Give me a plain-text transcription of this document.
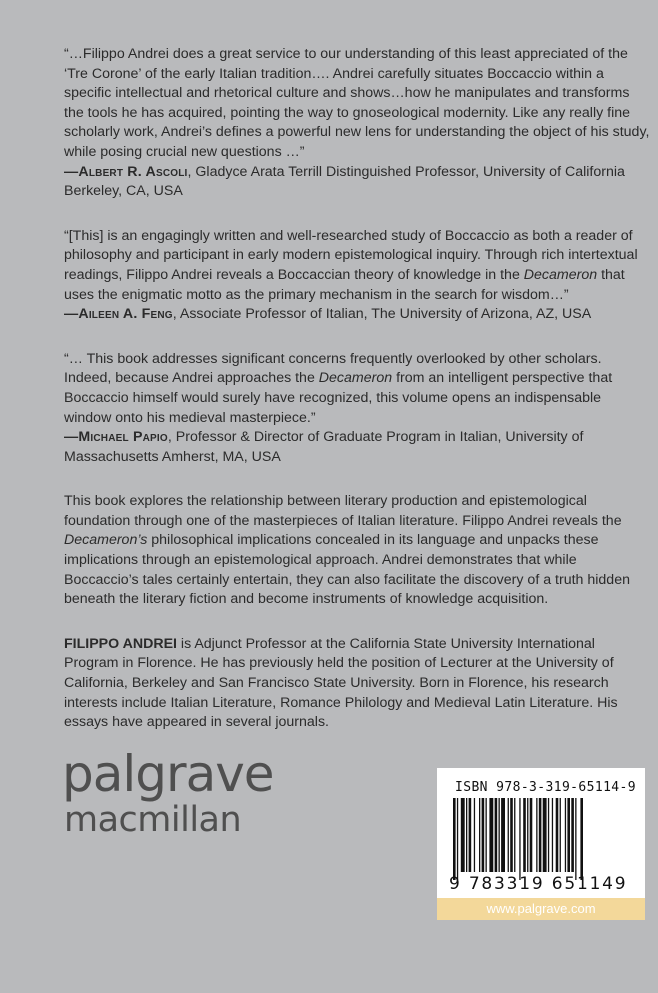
“…Filippo Andrei does a great service to our understanding of this least appreciated of the ‘Tre Corone’ of the early Italian tradition…. Andrei carefully situates Boccaccio within a specific intellectual and rhetorical culture and shows…how he manipulates and transforms the tools he has acquired, pointing the way to gnoseological modernity. Like any really fine scholarly work, Andrei’s defines a powerful new lens for understanding the object of his study, while posing crucial new questions …”

—Albert R. Ascoli, Gladyce Arata Terrill Distinguished Professor, University of California Berkeley, CA, USA

“[This] is an engagingly written and well-researched study of Boccaccio as both a reader of philosophy and participant in early modern epistemological inquiry. Through rich intertextual readings, Filippo Andrei reveals a Boccaccian theory of knowledge in the Decameron that uses the enigmatic motto as the primary mechanism in the search for wisdom…”

—Aileen A. Feng, Associate Professor of Italian, The University of Arizona, AZ, USA

“… This book addresses significant concerns frequently overlooked by other scholars. Indeed, because Andrei approaches the Decameron from an intelligent perspective that Boccaccio himself would surely have recognized, this volume opens an indispensable window onto his medieval masterpiece.”

—Michael Papio, Professor & Director of Graduate Program in Italian, University of Massachusetts Amherst, MA, USA

This book explores the relationship between literary production and epistemological foundation through one of the masterpieces of Italian literature. Filippo Andrei reveals the Decameron’s philosophical implications concealed in its language and unpacks these implications through an epistemological approach. Andrei demonstrates that while Boccaccio’s tales certainly entertain, they can also facilitate the discovery of a truth hidden beneath the literary fiction and become instruments of knowledge acquisition.

FILIPPO ANDREI is Adjunct Professor at the California State University International Program in Florence. He has previously held the position of Lecturer at the University of California, Berkeley and San Francisco State University. Born in Florence, his research interests include Italian Literature, Romance Philology and Medieval Latin Literature. His essays have appeared in several journals.

palgrave

macmillan

ISBN 978-3-319-65114-9
9 783319 651149
www.palgrave.com
